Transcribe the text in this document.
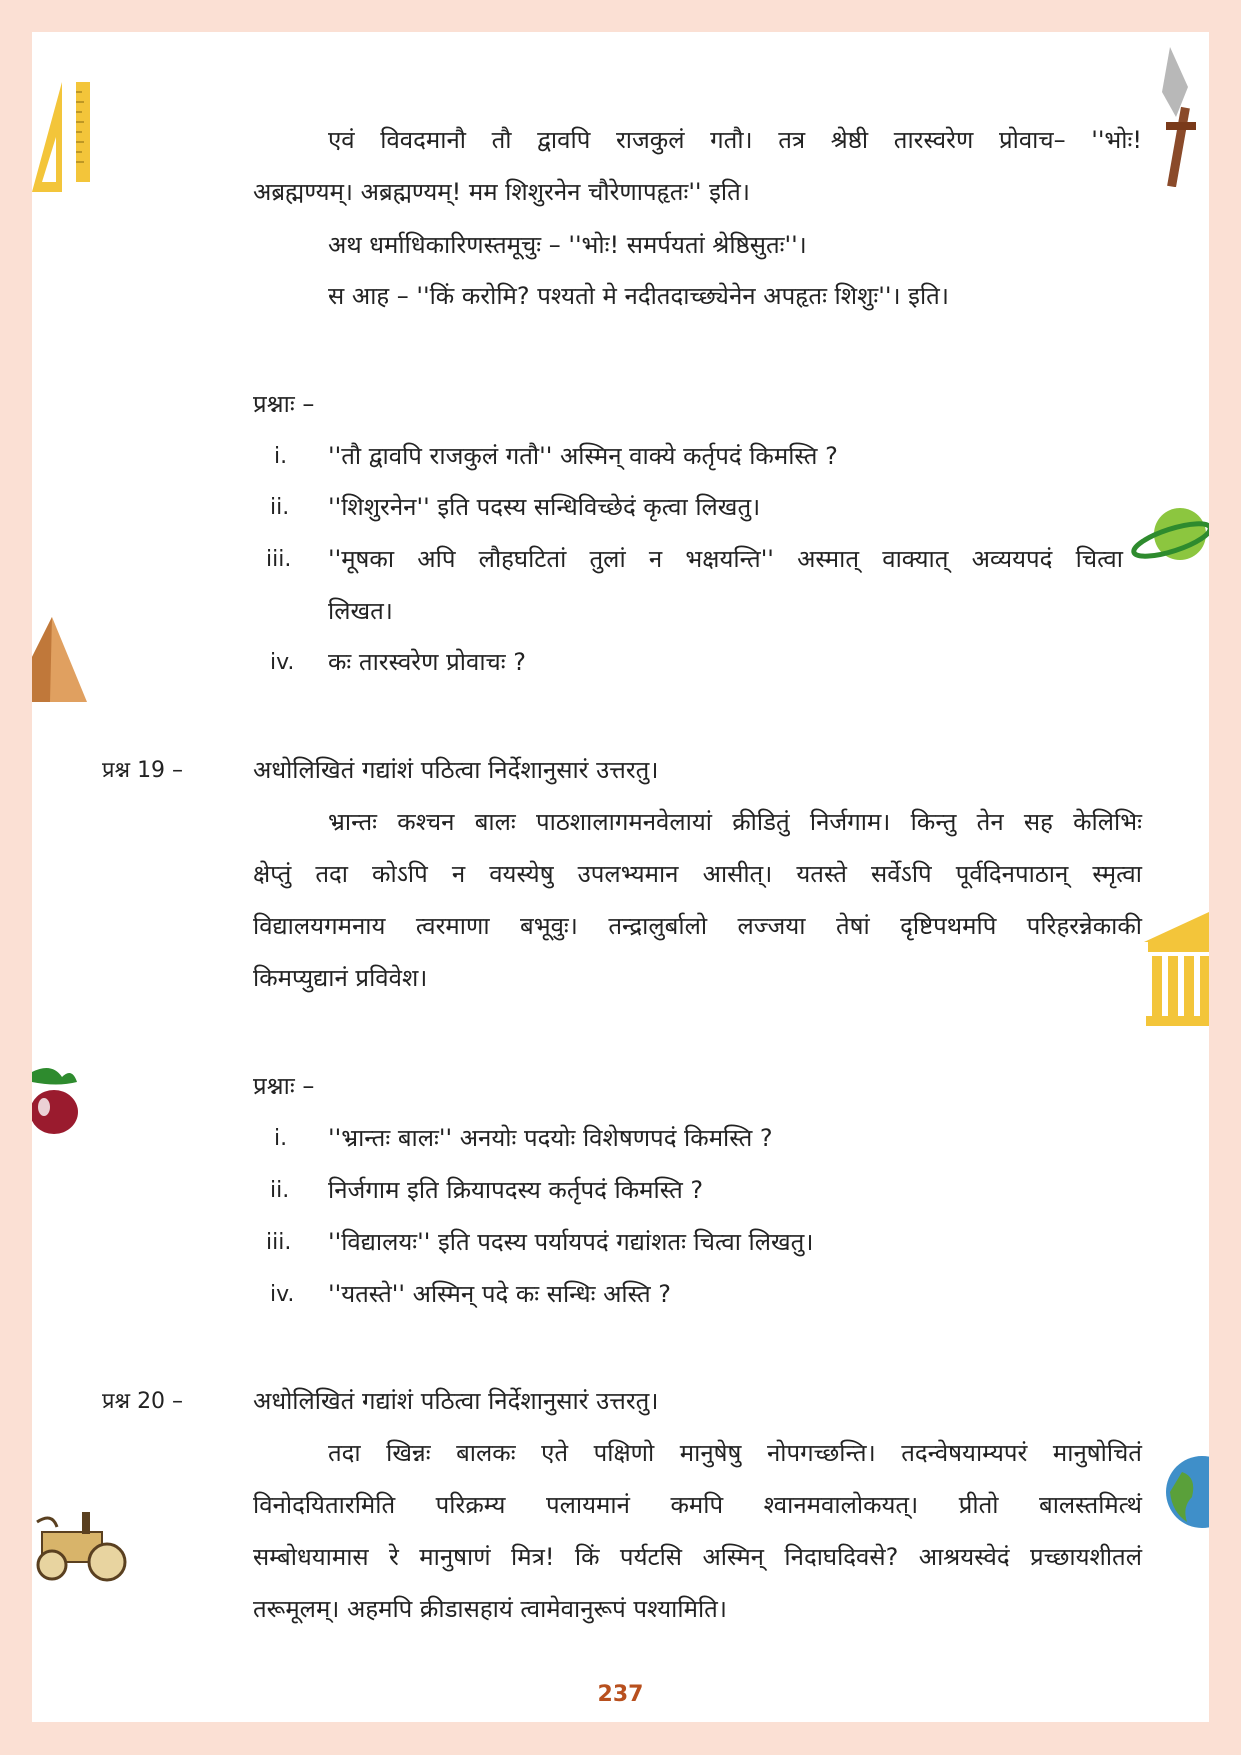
एवं विवदमानौ तौ द्वावपि राजकुलं गतौ। तत्र श्रेष्ठी तारस्वरेण प्रोवाच– ''भोः!
अब्रह्मण्यम्। अब्रह्मण्यम्! मम शिशुरनेन चौरेणापहृतः'' इति।
अथ धर्माधिकारिणस्तमूचुः – ''भोः! समर्पयतां श्रेष्ठिसुतः''।
स आह – ''किं करोमि? पश्यतो मे नदीतदाच्छ्येनेन अपहृतः शिशुः''। इति।
प्रश्नाः –
i. ''तौ द्वावपि राजकुलं गतौ'' अस्मिन् वाक्ये कर्तृपदं किमस्ति ?
ii. ''शिशुरनेन'' इति पदस्य सन्धिविच्छेदं कृत्वा लिखतु।
iii. ''मूषका अपि लौहघटितां तुलां न भक्षयन्ति'' अस्मात् वाक्यात् अव्ययपदं चित्वा
लिखत।
iv. कः तारस्वरेण प्रोवाचः ?
प्रश्न 19 –	अधोलिखितं गद्यांशं पठित्वा निर्देशानुसारं उत्तरतु।
भ्रान्तः कश्चन बालः पाठशालागमनवेलायां क्रीडितुं निर्जगाम। किन्तु तेन सह केलिभिः
क्षेप्तुं तदा कोऽपि न वयस्येषु उपलभ्यमान आसीत्। यतस्ते सर्वेऽपि पूर्वदिनपाठान् स्मृत्वा
विद्यालयगमनाय त्वरमाणा बभूवुः। तन्द्रालुर्बालो लज्जया तेषां दृष्टिपथमपि परिहरन्नेकाकी
किमप्युद्यानं प्रविवेश।
प्रश्नाः –
i. ''भ्रान्तः बालः'' अनयोः पदयोः विशेषणपदं किमस्ति ?
ii. निर्जगाम इति क्रियापदस्य कर्तृपदं किमस्ति ?
iii. ''विद्यालयः'' इति पदस्य पर्यायपदं गद्यांशतः चित्वा लिखतु।
iv. ''यतस्ते'' अस्मिन् पदे कः सन्धिः अस्ति ?
प्रश्न 20 –	अधोलिखितं गद्यांशं पठित्वा निर्देशानुसारं उत्तरतु।
तदा खिन्नः बालकः एते पक्षिणो मानुषेषु नोपगच्छन्ति। तदन्वेषयाम्यपरं मानुषोचितं
विनोदयितारमिति परिक्रम्य पलायमानं कमपि श्वानमवालोकयत्। प्रीतो बालस्तमित्थं
सम्बोधयामास रे मानुषाणं मित्र! किं पर्यटसि अस्मिन् निदाघदिवसे? आश्रयस्वेदं प्रच्छायशीतलं
तरूमूलम्। अहमपि क्रीडासहायं त्वामेवानुरूपं पश्यामिति।
237
